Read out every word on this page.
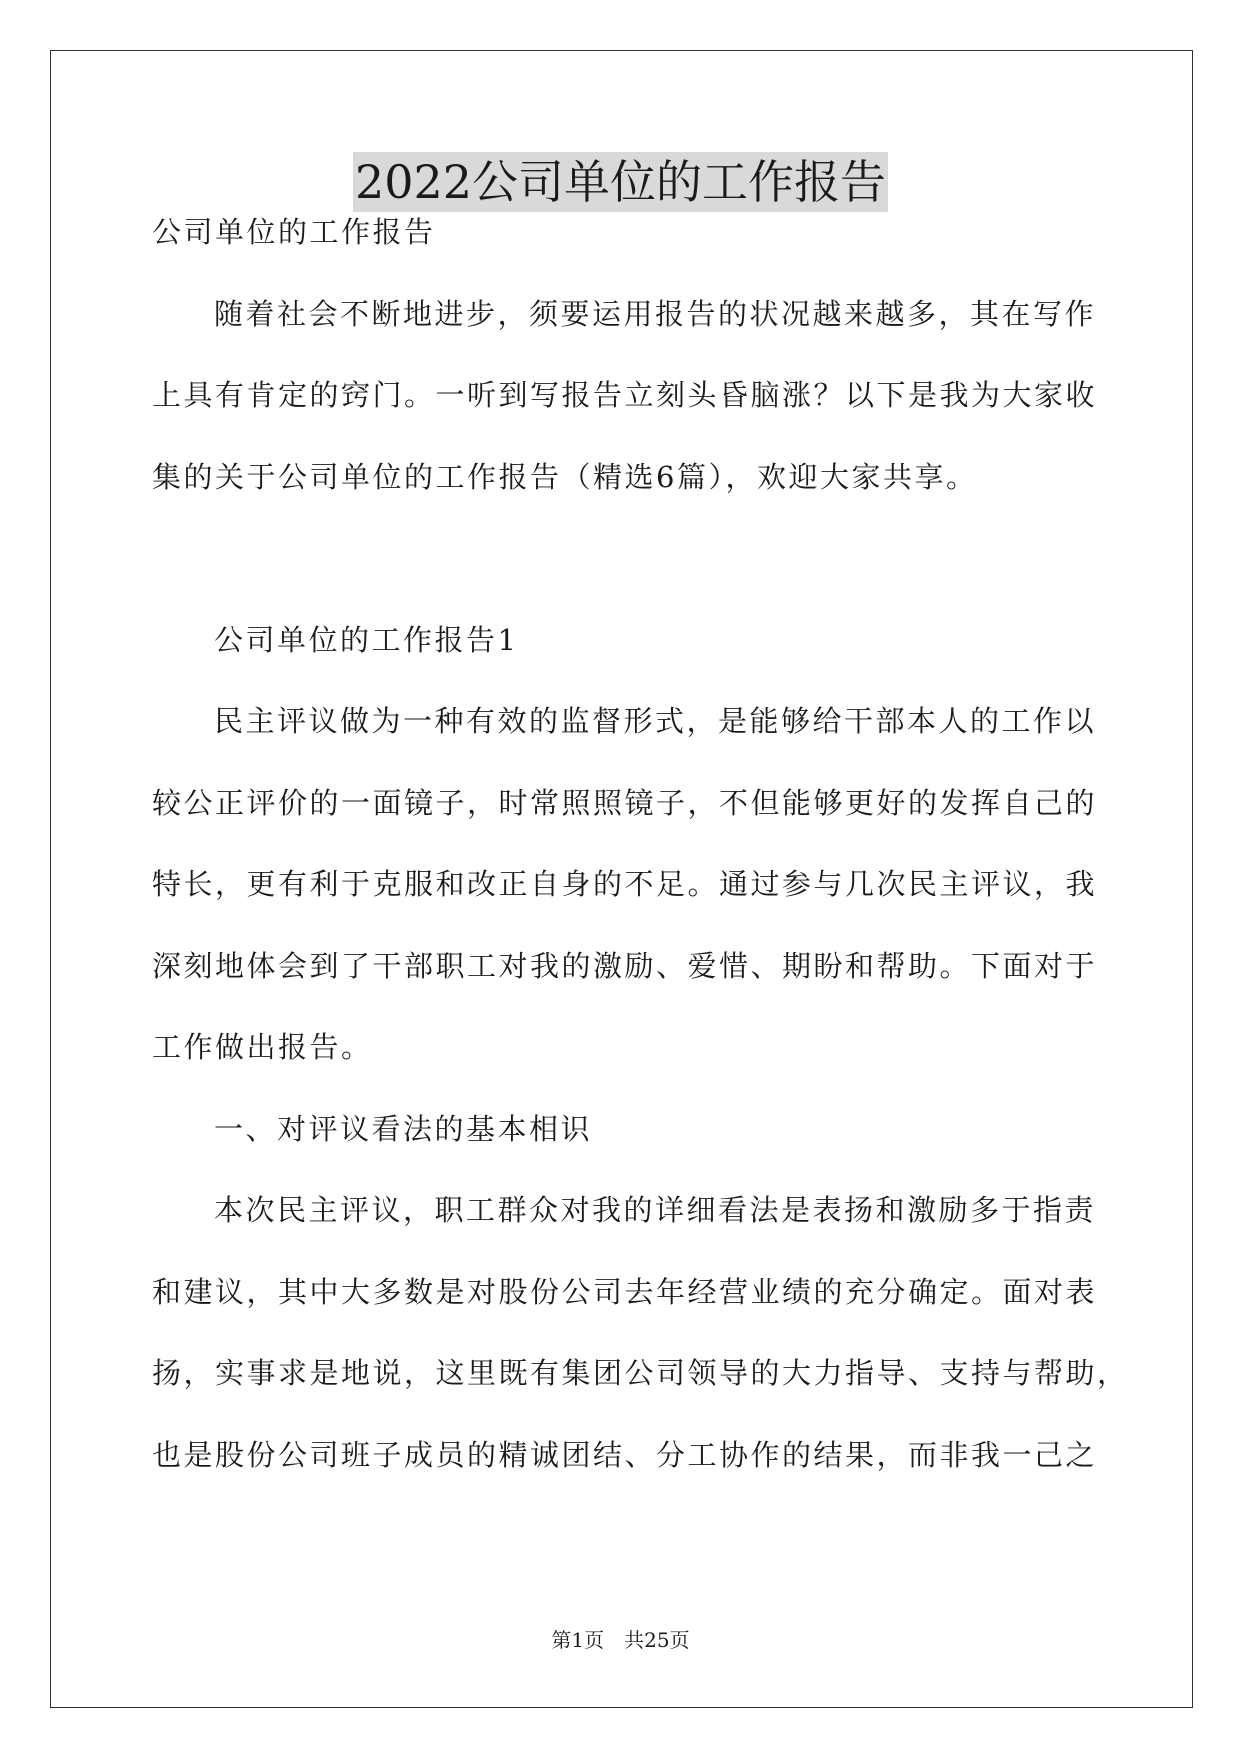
2022公司单位的工作报告
公司单位的工作报告
随着社会不断地进步，须要运用报告的状况越来越多，其在写作
上具有肯定的窍门。一听到写报告立刻头昏脑涨？以下是我为大家收
集的关于公司单位的工作报告（精选6篇），欢迎大家共享。
公司单位的工作报告1
民主评议做为一种有效的监督形式，是能够给干部本人的工作以
较公正评价的一面镜子，时常照照镜子，不但能够更好的发挥自己的
特长，更有利于克服和改正自身的不足。通过参与几次民主评议，我
深刻地体会到了干部职工对我的激励、爱惜、期盼和帮助。下面对于
工作做出报告。
一、对评议看法的基本相识
本次民主评议，职工群众对我的详细看法是表扬和激励多于指责
和建议，其中大多数是对股份公司去年经营业绩的充分确定。面对表
扬，实事求是地说，这里既有集团公司领导的大力指导、支持与帮助，
也是股份公司班子成员的精诚团结、分工协作的结果，而非我一己之
第1页　共25页
